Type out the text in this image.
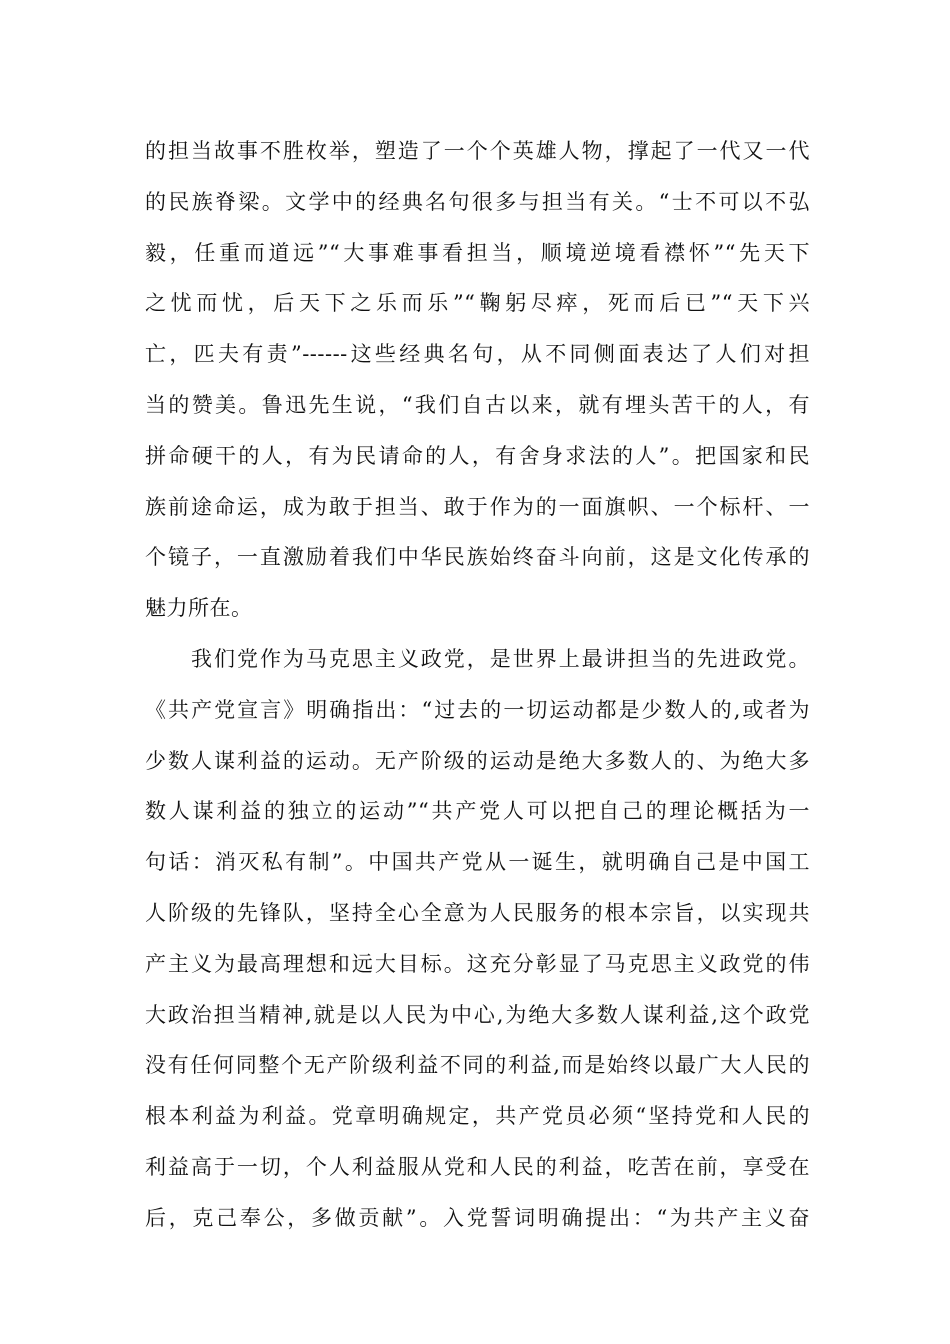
的担当故事不胜枚举，塑造了一个个英雄人物，撑起了一代又一代
的民族脊梁。文学中的经典名句很多与担当有关。“士不可以不弘
毅，任重而道远”“大事难事看担当，顺境逆境看襟怀”“先天下
之忧而忧，后天下之乐而乐”“鞠躬尽瘁，死而后已”“天下兴
亡，匹夫有责”------这些经典名句，从不同侧面表达了人们对担
当的赞美。鲁迅先生说，“我们自古以来，就有埋头苦干的人，有
拼命硬干的人，有为民请命的人，有舍身求法的人”。把国家和民
族前途命运，成为敢于担当、敢于作为的一面旗帜、一个标杆、一
个镜子，一直激励着我们中华民族始终奋斗向前，这是文化传承的
魅力所在。
我们党作为马克思主义政党，是世界上最讲担当的先进政党。
《共产党宣言》明确指出：“过去的一切运动都是少数人的,或者为
少数人谋利益的运动。无产阶级的运动是绝大多数人的、为绝大多
数人谋利益的独立的运动”“共产党人可以把自己的理论概括为一
句话：消灭私有制”。中国共产党从一诞生，就明确自己是中国工
人阶级的先锋队，坚持全心全意为人民服务的根本宗旨，以实现共
产主义为最高理想和远大目标。这充分彰显了马克思主义政党的伟
大政治担当精神,就是以人民为中心,为绝大多数人谋利益,这个政党
没有任何同整个无产阶级利益不同的利益,而是始终以最广大人民的
根本利益为利益。党章明确规定，共产党员必须“坚持党和人民的
利益高于一切，个人利益服从党和人民的利益，吃苦在前，享受在
后，克己奉公，多做贡献”。入党誓词明确提出：“为共产主义奋
